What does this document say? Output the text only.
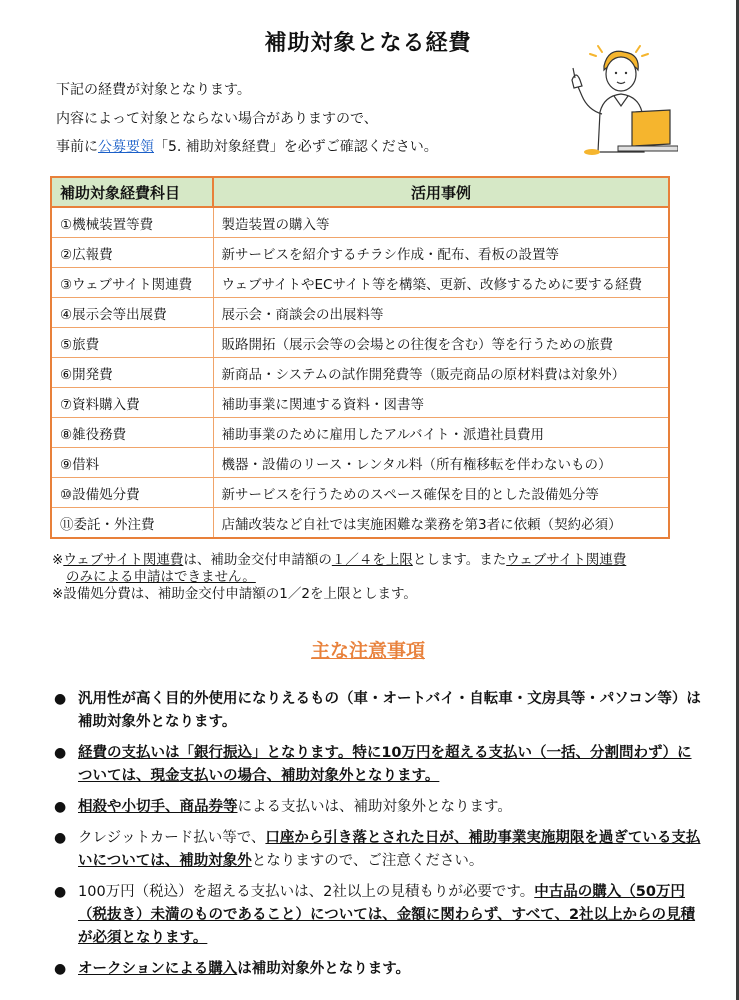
補助対象となる経費
下記の経費が対象となります。
内容によって対象とならない場合がありますので、
事前に公募要領「5. 補助対象経費」を必ずご確認ください。
補助対象経費科目	活用事例
①機械装置等費	製造装置の購入等
②広報費	新サービスを紹介するチラシ作成・配布、看板の設置等
③ウェブサイト関連費	ウェブサイトやECサイト等を構築、更新、改修するために要する経費
④展示会等出展費	展示会・商談会の出展料等
⑤旅費	販路開拓（展示会等の会場との往復を含む）等を行うための旅費
⑥開発費	新商品・システムの試作開発費等（販売商品の原材料費は対象外）
⑦資料購入費	補助事業に関連する資料・図書等
⑧雑役務費	補助事業のために雇用したアルバイト・派遣社員費用
⑨借料	機器・設備のリース・レンタル料（所有権移転を伴わないもの）
⑩設備処分費	新サービスを行うためのスペース確保を目的とした設備処分等
⑪委託・外注費	店舗改装など自社では実施困難な業務を第3者に依頼（契約必須）
※ウェブサイト関連費は、補助金交付申請額の１／４を上限とします。またウェブサイト関連費
のみによる申請はできません。
※設備処分費は、補助金交付申請額の1／2を上限とします。
主な注意事項
● 汎用性が高く目的外使用になりえるもの（車・オートバイ・自転車・文房具等・パソコン等）は補助対象外となります。
● 経費の支払いは「銀行振込」となります。特に10万円を超える支払い（一括、分割問わず）については、現金支払いの場合、補助対象外となります。
● 相殺や小切手、商品券等による支払いは、補助対象外となります。
● クレジットカード払い等で、口座から引き落とされた日が、補助事業実施期限を過ぎている支払いについては、補助対象外となりますので、ご注意ください。
● 100万円（税込）を超える支払いは、2社以上の見積もりが必要です。中古品の購入（50万円（税抜き）未満のものであること）については、金額に関わらず、すべて、2社以上からの見積が必須となります。
● オークションによる購入は補助対象外となります。
